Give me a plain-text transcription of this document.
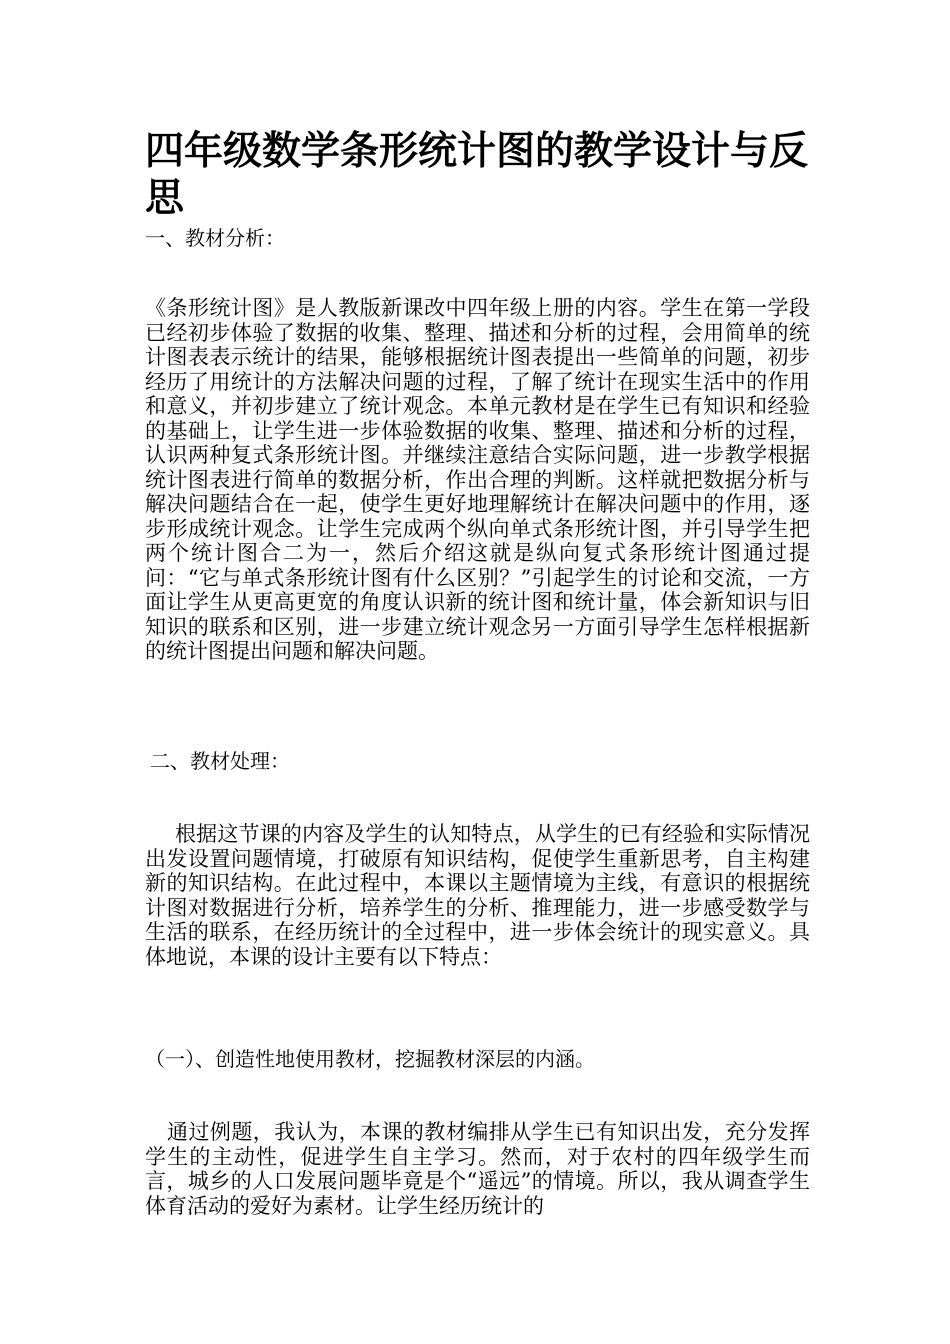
四年级数学条形统计图的教学设计与反思

一、教材分析：

《条形统计图》是人教版新课改中四年级上册的内容。学生在第一学段已经初步体验了数据的收集、整理、描述和分析的过程，会用简单的统计图表表示统计的结果，能够根据统计图表提出一些简单的问题，初步经历了用统计的方法解决问题的过程，了解了统计在现实生活中的作用和意义，并初步建立了统计观念。本单元教材是在学生已有知识和经验的基础上，让学生进一步体验数据的收集、整理、描述和分析的过程，认识两种复式条形统计图。并继续注意结合实际问题，进一步教学根据统计图表进行简单的数据分析，作出合理的判断。这样就把数据分析与解决问题结合在一起，使学生更好地理解统计在解决问题中的作用，逐步形成统计观念。让学生完成两个纵向单式条形统计图，并引导学生把两个统计图合二为一，然后介绍这就是纵向复式条形统计图通过提问：“它与单式条形统计图有什么区别？”引起学生的讨论和交流，一方面让学生从更高更宽的角度认识新的统计图和统计量，体会新知识与旧知识的联系和区别，进一步建立统计观念另一方面引导学生怎样根据新的统计图提出问题和解决问题。

二、教材处理：

根据这节课的内容及学生的认知特点，从学生的已有经验和实际情况出发设置问题情境，打破原有知识结构，促使学生重新思考，自主构建新的知识结构。在此过程中，本课以主题情境为主线，有意识的根据统计图对数据进行分析，培养学生的分析、推理能力，进一步感受数学与生活的联系，在经历统计的全过程中，进一步体会统计的现实意义。具体地说，本课的设计主要有以下特点：

（一）、创造性地使用教材，挖掘教材深层的内涵。

通过例题，我认为，本课的教材编排从学生已有知识出发，充分发挥学生的主动性，促进学生自主学习。然而，对于农村的四年级学生而言，城乡的人口发展问题毕竟是个“遥远”的情境。所以，我从调查学生体育活动的爱好为素材。让学生经历统计的
